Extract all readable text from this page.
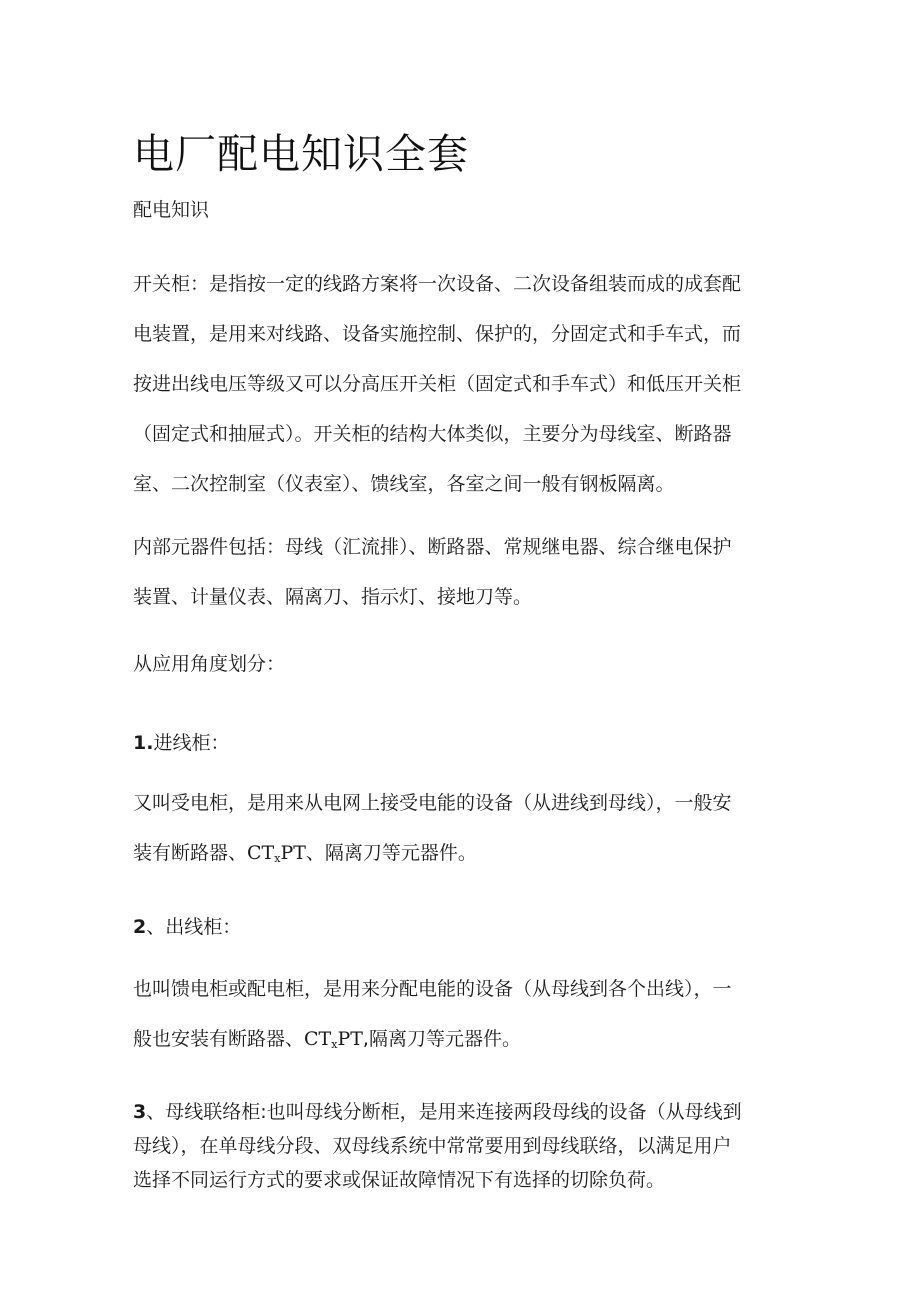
电厂配电知识全套
配电知识
开关柜：是指按一定的线路方案将一次设备、二次设备组装而成的成套配
电装置，是用来对线路、设备实施控制、保护的，分固定式和手车式，而
按进出线电压等级又可以分高压开关柜（固定式和手车式）和低压开关柜
（固定式和抽屉式）。开关柜的结构大体类似，主要分为母线室、断路器
室、二次控制室（仪表室）、馈线室，各室之间一般有钢板隔离。
内部元器件包括：母线（汇流排）、断路器、常规继电器、综合继电保护
装置、计量仪表、隔离刀、指示灯、接地刀等。
从应用角度划分：
1.进线柜：
又叫受电柜，是用来从电网上接受电能的设备（从进线到母线），一般安
装有断路器、$CT_xPT$、隔离刀等元器件。
2、出线柜：
也叫馈电柜或配电柜，是用来分配电能的设备（从母线到各个出线），一
般也安装有断路器、$CT_xPT$,隔离刀等元器件。
3、母线联络柜:也叫母线分断柜，是用来连接两段母线的设备（从母线到
母线），在单母线分段、双母线系统中常常要用到母线联络，以满足用户
选择不同运行方式的要求或保证故障情况下有选择的切除负荷。
